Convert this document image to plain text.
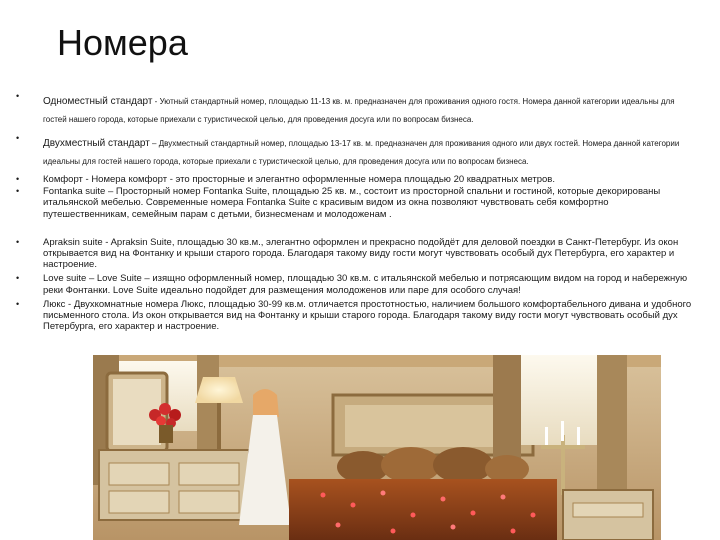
Номера
• Одноместный стандарт - Уютный стандартный номер, площадью 11-13 кв. м. предназначен для проживания одного гостя. Номера данной категории идеальны для гостей нашего города, которые приехали с туристической целью, для проведения досуга или по вопросам бизнеса.
• Двухместный стандарт – Двухместный стандартный номер, площадью 13-17 кв. м. предназначен для проживания одного или двух гостей. Номера данной категории идеальны для гостей нашего города, которые приехали с туристической целью, для проведения досуга или по вопросам бизнеса.
•	Комфорт - Номера комфорт - это просторные и элегантно оформленные номера площадью 20 квадратных метров.
•	Fontanka suite – Просторный номер Fontanka Suite, площадью 25 кв. м., состоит из просторной спальни и гостиной, которые декорированы итальянской мебелью. Современные номера Fontanka Suite с красивым видом из окна позволяют чувствовать себя комфортно путешественникам, семейным парам с детьми, бизнесменам и молодоженам .
•	Apraksin suite - Apraksin Suite, площадью 30 кв.м., элегантно оформлен и прекрасно подойдёт для деловой поездки в Санкт-Петербург. Из окон открывается вид на Фонтанку и крыши старого города. Благодаря такому виду гости могут чувствовать особый дух Петербурга, его характер и настроение.
•	Love suite – Love Suite – изящно оформленный номер, площадью 30 кв.м. с итальянской мебелью и потрясающим видом на город и набережную реки Фонтанки. Love Suite идеально подойдет для размещения молодоженов или паре для особого случая!
•	Люкс - Двухкомнатные номера Люкс, площадью 30-99 кв.м. отличается простотностью, наличием большого комфортабельного дивана и удобного письменного стола. Из окон открывается вид на Фонтанку и крыши старого города. Благодаря такому виду гости могут чувствовать особый дух Петербурга, его характер и настроение.
